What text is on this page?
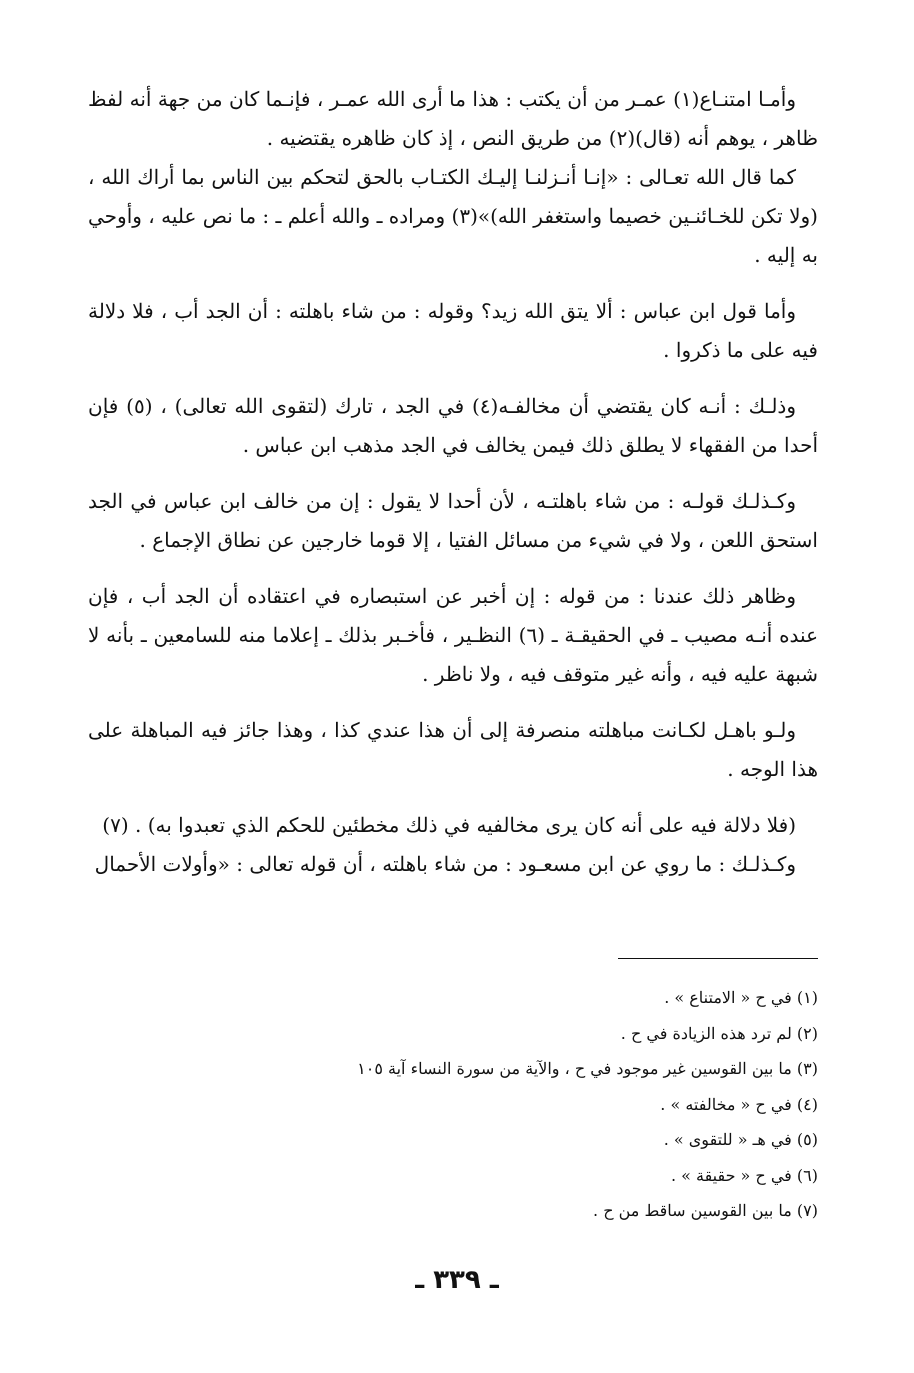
وأمـا امتنـاع(١) عمـر من أن يكتب : هذا ما أرى الله عمـر ، فإنـما كان من جهة أنه لفظ ظاهر ، يوهم أنه (قال)(٢) من طريق النص ، إذ كان ظاهره يقتضيه .

كما قال الله تعـالى : «إنـا أنـزلنـا إليـك الكتـاب بالحق لتحكم بين الناس بما أراك الله ، (ولا تكن للخـائنـين خصيما واستغفر الله)»(٣) ومراده ـ والله أعلم ـ : ما نص عليه ، وأوحي به إليه .

وأما قول ابن عباس : ألا يتق الله زيد؟ وقوله : من شاء باهلته : أن الجد أب ، فلا دلالة فيه على ما ذكروا .

وذلـك : أنـه كان يقتضي أن مخالفـه(٤) في الجد ، تارك (لتقوى الله تعالى) ، (٥) فإن أحدا من الفقهاء لا يطلق ذلك فيمن يخالف في الجد مذهب ابن عباس .

وكـذلـك قولـه : من شاء باهلتـه ، لأن أحدا لا يقول : إن من خالف ابن عباس في الجد استحق اللعن ، ولا في شيء من مسائل الفتيا ، إلا قوما خارجين عن نطاق الإجماع .

وظاهر ذلك عندنا : من قوله : إن أخبر عن استبصاره في اعتقاده أن الجد أب ، فإن عنده أنـه مصيب ـ في الحقيقـة ـ (٦) النظـير ، فأخـبر بذلك ـ إعلاما منه للسامعين ـ بأنه لا شبهة عليه فيه ، وأنه غير متوقف فيه ، ولا ناظر .

ولـو باهـل لكـانت مباهلته منصرفة إلى أن هذا عندي كذا ، وهذا جائز فيه المباهلة على هذا الوجه .

(فلا دلالة فيه على أنه كان يرى مخالفيه في ذلك مخطئين للحكم الذي تعبدوا به) . (٧)

وكـذلـك : ما روي عن ابن مسعـود : من شاء باهلته ، أن قوله تعالى : «وأولات الأحمال

(١) في ح « الامتناع » .

(٢) لم ترد هذه الزيادة في ح .

(٣) ما بين القوسين غير موجود في ح ، والآية من سورة النساء آية ١٠٥

(٤) في ح « مخالفته » .

(٥) في هـ « للتقوى » .

(٦) في ح « حقيقة » .

(٧) ما بين القوسين ساقط من ح .

ـ ٣٣٩ ـ
